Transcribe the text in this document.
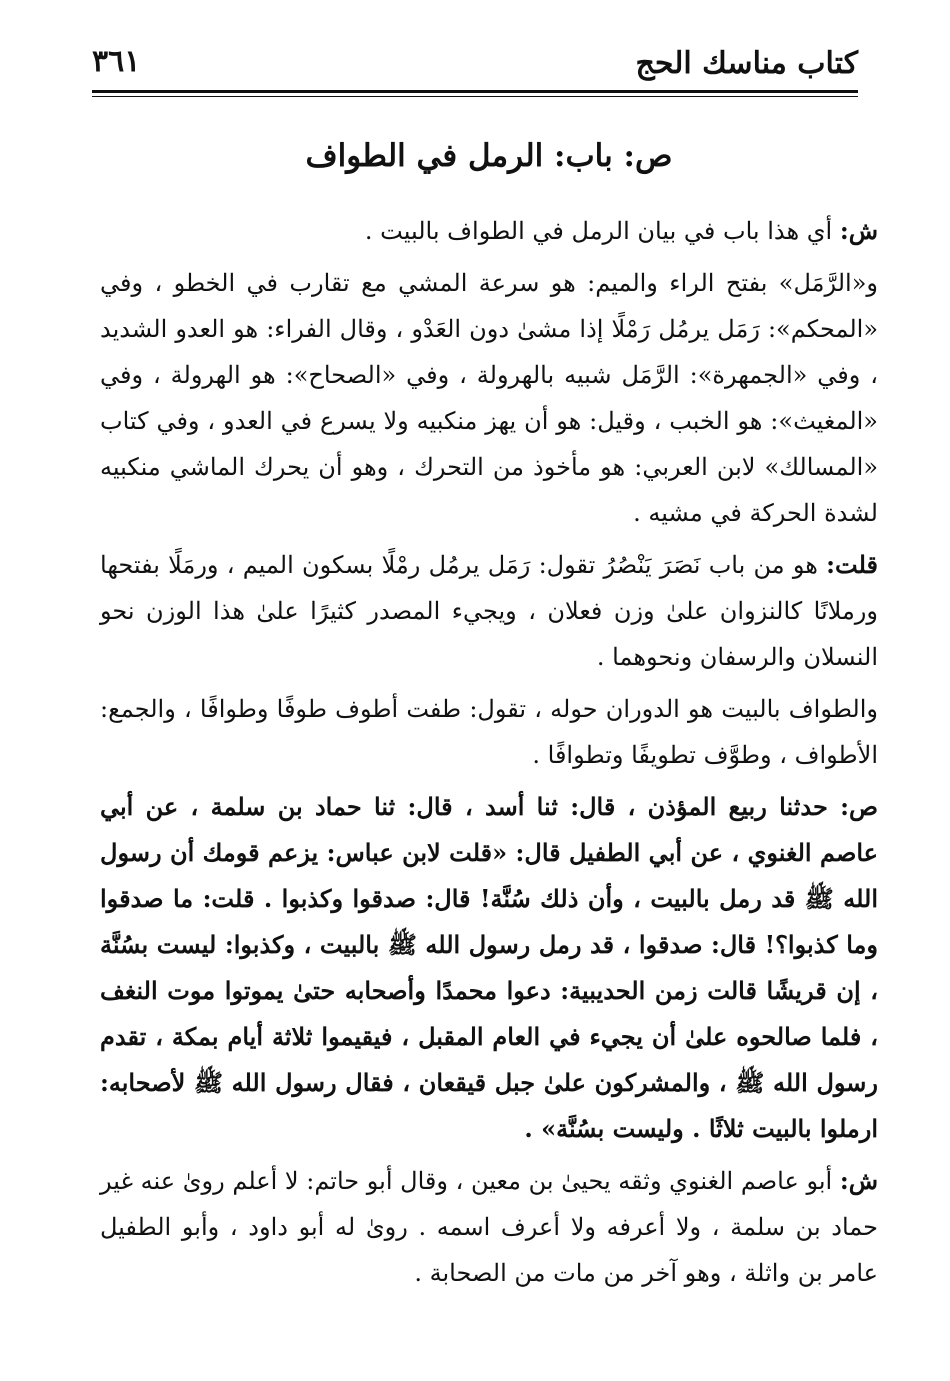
كتاب مناسك الحج
٣٦١
ص: باب: الرمل في الطواف

ش: أي هذا باب في بيان الرمل في الطواف بالبيت .

و«الرَّمَل» بفتح الراء والميم: هو سرعة المشي مع تقارب في الخطو ، وفي «المحكم»: رَمَل يرمُل رَمْلًا إذا مشىٰ دون العَدْو ، وقال الفراء: هو العدو الشديد ، وفي «الجمهرة»: الرَّمَل شبيه بالهرولة ، وفي «الصحاح»: هو الهرولة ، وفي «المغيث»: هو الخبب ، وقيل: هو أن يهز منكبيه ولا يسرع في العدو ، وفي كتاب «المسالك» لابن العربي: هو مأخوذ من التحرك ، وهو أن يحرك الماشي منكبيه لشدة الحركة في مشيه .

قلت: هو من باب نَصَرَ يَنْصُرُ تقول: رَمَل يرمُل رمْلًا بسكون الميم ، ورمَلًا بفتحها ورملانًا كالنزوان علىٰ وزن فعلان ، ويجيء المصدر كثيرًا علىٰ هذا الوزن نحو النسلان والرسفان ونحوهما .

والطواف بالبيت هو الدوران حوله ، تقول: طفت أطوف طوفًا وطوافًا ، والجمع: الأطواف ، وطوَّف تطويفًا وتطوافًا .

ص: حدثنا ربيع المؤذن ، قال: ثنا أسد ، قال: ثنا حماد بن سلمة ، عن أبي عاصم الغنوي ، عن أبي الطفيل قال: «قلت لابن عباس: يزعم قومك أن رسول الله ﷺ قد رمل بالبيت ، وأن ذلك سُنَّة! قال: صدقوا وكذبوا . قلت: ما صدقوا وما كذبوا؟! قال: صدقوا ، قد رمل رسول الله ﷺ بالبيت ، وكذبوا: ليست بسُنَّة ، إن قريشًا قالت زمن الحديبية: دعوا محمدًا وأصحابه حتىٰ يموتوا موت النغف ، فلما صالحوه علىٰ أن يجيء في العام المقبل ، فيقيموا ثلاثة أيام بمكة ، تقدم رسول الله ﷺ ، والمشركون علىٰ جبل قيقعان ، فقال رسول الله ﷺ لأصحابه: ارملوا بالبيت ثلاثًا . وليست بسُنَّة» .

ش: أبو عاصم الغنوي وثقه يحيىٰ بن معين ، وقال أبو حاتم: لا أعلم روىٰ عنه غير حماد بن سلمة ، ولا أعرفه ولا أعرف اسمه . روىٰ له أبو داود ، وأبو الطفيل عامر بن واثلة ، وهو آخر من مات من الصحابة .
